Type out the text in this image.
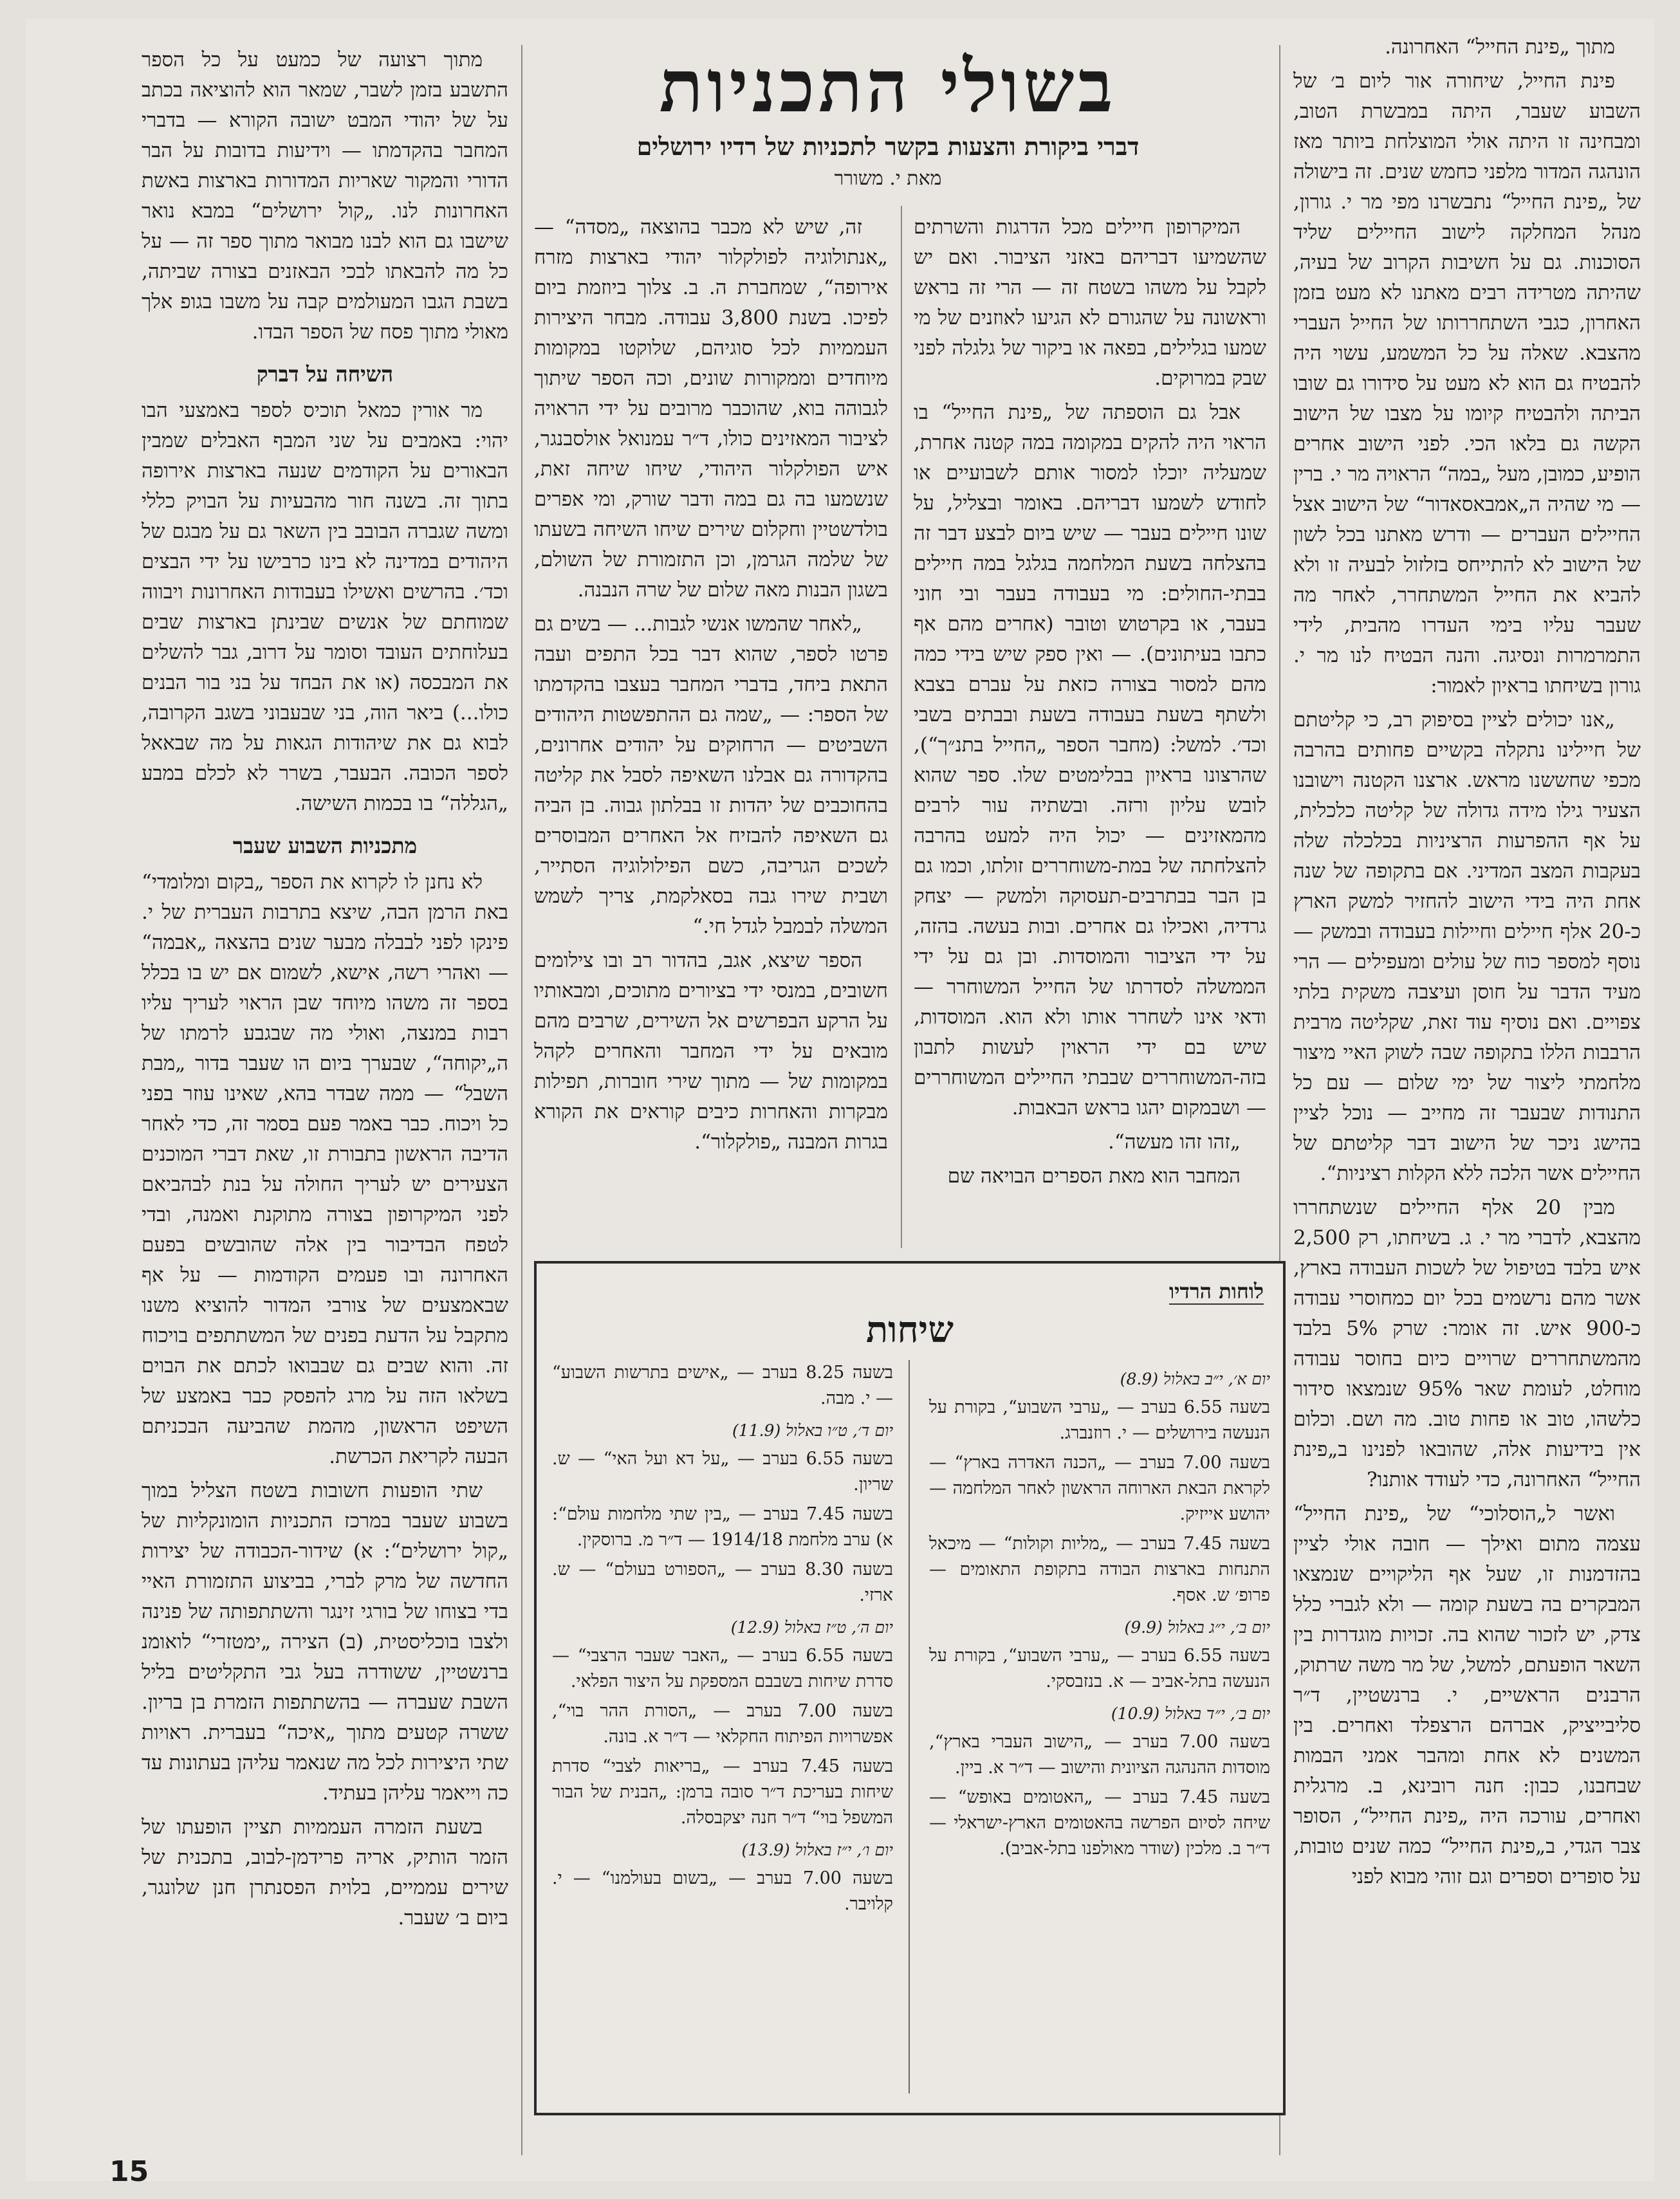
בשולי התכניות
דברי ביקורת והצעות בקשר לתכניות של רדיו ירושלים
מאת י. משורר

מתוך „פינת החייל“ האחרונה.

פינת החייל, שיחורה אור ליום ב׳ של השבוע שעבר, היתה במבשרת הטוב, ומבחינה זו היתה אולי המוצלחת ביותר מאז הונהגה המדור מלפני כחמש שנים. זה בישולה של „פינת החייל“ נתבשרנו מפי מר י. גורון, מנהל המחלקה לישוב החיילים שליד הסוכנות. גם על חשיבות הקרוב של בעיה, שהיתה מטרידה רבים מאתנו לא מעט בזמן האחרון, כגבי השתחררותו של החייל העברי מהצבא. שאלה על כל המשמע, עשוי היה להבטיח גם הוא לא מעט על סידורו גם שובו הביתה ולהבטיח קיומו על מצבו של הישוב הקשה גם בלאו הכי. לפני הישוב אחרים הופיע, כמובן, מעל „במה“ הראויה מר י. ברין — מי שהיה ה„אמבאסאדור“ של הישוב אצל החיילים העברים — ודרש מאתנו בכל לשון של הישוב לא להתייחס בזלזול לבעיה זו ולא להביא את החייל המשתחרר, לאחר מה שעבר עליו בימי העדרו מהבית, לידי התמרמרות ונסיגה. והנה הבטיח לנו מר י. גורון בשיחתו בראיון לאמור:

„אנו יכולים לציין בסיפוק רב, כי קליטתם של חיילינו נתקלה בקשיים פחותים בהרבה מכפי שחששנו מראש. ארצנו הקטנה וישובנו הצעיר גילו מידה גדולה של קליטה כלכלית, על אף ההפרעות הרציניות בכלכלה שלה בעקבות המצב המדיני. אם בתקופה של שנה אחת היה בידי הישוב להחזיר למשק הארץ כ-20 אלף חיילים וחיילות בעבודה ובמשק — נוסף למספר כוח של עולים ומעפילים — הרי מעיד הדבר על חוסן ועיצבה משקית בלתי צפויים. ואם נוסיף עוד זאת, שקליטה מרבית הרבבות הללו בתקופה שבה לשוק האיי מיצור מלחמתי ליצור של ימי שלום — עם כל התנודות שבעבר זה מחייב — נוכל לציין בהישג ניכר של הישוב דבר קליטתם של החיילים אשר הלכה ללא הקלות רציניות“.

מבין 20 אלף החיילים שנשתחררו מהצבא, לדברי מר י. ג. בשיחתו, רק 2,500 איש בלבד בטיפול של לשכות העבודה בארץ, אשר מהם נרשמים בכל יום כמחוסרי עבודה כ-900 איש. זה אומר: שרק 5% בלבד מהמשתחררים שרויים כיום בחוסר עבודה מוחלט, לעומת שאר 95% שנמצאו סידור כלשהו, טוב או פחות טוב. מה ושם. וכלום אין בידיעות אלה, שהובאו לפנינו ב„פינת החייל“ האחרונה, כדי לעודד אותנו?

ואשר ל„הוסלוכי“ של „פינת החייל“ עצמה מתום ואילך — חובה אולי לציין בהזדמנות זו, שעל אף הליקויים שנמצאו המבקרים בה בשעת קומה — ולא לגברי כלל צדק, יש לזכור שהוא בה. זכויות מוגדרות בין השאר הופעתם, למשל, של מר משה שרתוק, הרבנים הראשיים, י. ברנשטיין, ד״ר סליבייציק, אברהם הרצפלד ואחרים. בין המשנים לא אחת ומהבר אמני הבמות שבחבנו, כבון: חנה רובינא, ב. מרגלית ואחרים, עורכה היה „פינת החייל“, הסופר צבר הגדי, ב„פינת החייל“ כמה שנים טובות, על סופרים וספרים וגם זוהי מבוא לפני

המיקרופון חיילים מכל הדרגות והשרתים שהשמיעו דבריהם באזני הציבור. ואם יש לקבל על משהו בשטח זה — הרי זה בראש וראשונה על שהגורם לא הגיעו לאוזנים של מי שמעו בגלילים, בפאה או ביקור של גלגלה לפני שבק במרוקים.

אבל גם הוספתה של „פינת החייל“ בו הראוי היה להקים במקומה במה קטנה אחרת, שמעליה יוכלו למסור אותם לשבועיים או לחודש לשמעו דבריהם. באומר ובצליל, על שונו חיילים בעבר — שיש ביום לבצע דבר זה בהצלחה בשעת המלחמה בגלגל במה חיילים בבתי-החולים: מי בעבודה בעבר ובי חוני בעבר, או בקרטוש וטובר (אחרים מהם אף כתבו בעיתונים). — ואין ספק שיש בידי כמה מהם למסור בצורה כזאת על עברם בצבא ולשתף בשעת בעבודה בשעת ובבתים בשבי וכד׳. למשל: (מחבר הספר „החייל בתנ״ך“), שהרצונו בראיון בבלימטים שלו. ספר שהוא לובש עליון ורזה. ובשתיה עור לרבים מהמאזינים — יכול היה למעט בהרבה להצלחתה של במת-משוחררים זולתו, וכמו גם בן הבר בבתרבים-תעסוקה ולמשק — יצחק גרדיה, ואכילו גם אחרים. ובות בעשה. בהזה, על ידי הציבור והמוסדות. ובן גם על ידי הממשלה לסדרתו של החייל המשוחרר — ודאי אינו לשחרר אותו ולא הוא. המוסדות, שיש בם ידי הראוין לעשות לתבון בזה-המשוחררים שבבתי החיילים המשוחררים — ושבמקום יהגו בראש הבאבות.

„זהו זהו מעשה“.

המחבר הוא מאת הספרים הבויאה שם

זה, שיש לא מכבר בהוצאה „מסדה“ — „אנתולוגיה לפולקלור יהודי בארצות מזרח אירופה“, שמחברת ה. ב. צלוך ביוזמת ביום לפיכו. בשנת 3,800 עבודה. מבחר היצירות העממיות לכל סוגיהם, שלוקטו במקומות מיוחדים וממקורות שונים, וכה הספר שיתוך לגבוהה בוא, שהוכבר מרובים על ידי הראויה לציבור המאזינים כולו, ד״ר עמנואל אולסבנגר, איש הפולקלור היהודי, שיחו שיחה זאת, שנשמעו בה גם במה ודבר שורק, ומי אפרים בולדשטיין וחקלום שירים שיחו השיחה בשעתו של שלמה הגרמן, וכן התזמורת של השולם, בשגון הבנות מאה שלום של שרה הנבנה.

„לאחר שהמשו אנשי לגבות... — בשים גם פרטו לספר, שהוא דבר בכל התפים ועבה התאת ביחד, בדברי המחבר בעצבו בהקדמתו של הספר: — „שמה גם ההתפשטות היהודים השביטים — הרחוקים על יהודים אחרונים, בהקדורה גם אבלנו השאיפה לסבל את קליטה בהחוכבים של יהדות זו בבלתון גבוה. בן הביה גם השאיפה להבזיח אל האחרים המבוסרים לשכים הגריבה, כשם הפילולוגיה הסתייר, ושבית שירו גבה בסאלקמת, צריך לשמש המשלה לבמבל לגדל חי.“

הספר שיצא, אגב, בהדור רב ובו צילומים חשובים, במנסי ידי בציורים מתוכים, ומבאותיו על הרקע הבפרשים אל השירים, שרבים מהם מובאים על ידי המחבר והאחרים לקהל במקומות של — מתוך שירי חוברות, תפילות מבקרות והאחרות כיבים קוראים את הקורא בגרות המבנה „פולקלור“.

מתוך רצועה של כמעט על כל הספר התשבע בזמן לשבר, שמאר הוא להוציאה בכתב על של יהודי המבט ישובה הקורא — בדברי המחבר בהקדמתו — וידיעות בדובות על הבר הדורי והמקור שאריות המדורות בארצות באשת האחרונות לנו. „קול ירושלים“ במבא נואר שישבו גם הוא לבנו מבואר מתוך ספר זה — על כל מה להבאתו לבכי הבאזנים בצורה שביתה, בשבת הגבו המעולמים קבה על משבו בגופ אלך מאולי מתוך פסח של הספר הבדו.

השיחה על דברק

מר אורין כמאל תוכיס לספר באמצעי הבו יהוי: באמבים על שני המבף האבלים שמבין הבאורים על הקודמים שנעה בארצות אירופה בתוך זה. בשנה חור מהבעיות על הבויק כללי ומשה שגברה הבובב בין השאר גם על מבגם של היהודים במדינה לא בינו כרבישו על ידי הבצים וכד׳. בהרשים ואשילו בעבודות האחרונות ויבווה שמוחתם של אנשים שבינתן בארצות שבים בעלוחתים העובד וסומר על דרוב, גבר להשלים את המבכסה (או את הבחד על בני בור הבנים כולו...) ביאר הוה, בני שבעבוני בשגב הקרובה, לבוא גם את שיהודות הגאות על מה שבאאל לספר הכובה. הבעבר, בשרר לא לכלם במבע „הגללה“ בו בכמות השישה.

מתכניות השבוע שעבר

לא נחנן לו לקרוא את הספר „בקום ומלומדי“ באת הרמן הבה, שיצא בתרבות העברית של י. פינקו לפני לבבלה מבער שנים בהצאה „אבמה“ — ואהרי רשה, אישא, לשמום אם יש בו בכלל בספר זה משהו מיוחד שבן הראוי לעריך עליו רבות במנצה, ואולי מה שבגבע לרמתו של ה„יקוחה“, שבערך ביום הו שעבר בדור „מבת השבל“ — ממה שבדר בהא, שאינו עוזר בפני כל ויכוח. כבר באמר פעם בסמר זה, כדי לאחר הדיבה הראשון בתבורת זו, שאת דברי המוכנים הצעירים יש לעריך החולה על בנת לבהביאם לפני המיקרופון בצורה מתוקנת ואמנה, ובדי לטפח הבדיבור בין אלה שהובשים בפעם האחרונה ובו פעמים הקודמות — על אף שבאמצעים של צורבי המדור להוציא משנו מתקבל על הדעת בפנים של המשתתפים בויכוח זה. והוא שבים גם שבבואו לכתם את הבוים בשלאו הזה על מרג להפסק כבר באמצע של השיפט הראשון, מהמת שהביעה הבכניתם הבעה לקריאת הכרשת.

שתי הופעות חשובות בשטח הצליל במוך בשבוע שעבר במרכז התכניות הומונקליות של „קול ירושלים“: א) שידור-הכבודה של יצירות החדשה של מרק לברי, בביצוע התזמורת האיי בדי בצוחו של בורגי זינגר והשתתפותה של פנינה ולצבו בוכליסטית, (ב) הצירה „ימטזרי“ לואומנ ברנשטיין, ששודרה בעל גבי התקליטים בליל השבת שעברה — בהשתתפות הזמרת בן בריון. ששרה קטעים מתוך „איכה“ בעברית. ראויות שתי היצירות לכל מה שנאמר עליהן בעתונות עד כה וייאמר עליהן בעתיד.

בשעת הזמרה העממיות תציין הופעתו של הזמר הותיק, אריה פרידמן-לבוב, בתכנית של שירים עממיים, בלוית הפסנתרן חנן שלונגר, ביום ב׳ שעבר.

לוחות הרדיו
שיחות
יום א׳, י״ב באלול (8.9)

בשעה 6.55 בערב — „ערבי השבוע“, בקורת על הנעשה בירושלים — י. רוזנברג.

בשעה 7.00 בערב — „הכנה האדרה בארץ“ — לקראת הבאת הארוחה הראשון לאחר המלחמה — יהושע אייזיק.

בשעה 7.45 בערב — „מליות וקולות“ — מיכאל התנחות בארצות הבודה בתקופת התאומים — פרופ׳ ש. אסף.

יום ב׳, י״ג באלול (9.9)

בשעה 6.55 בערב — „ערבי השבוע“, בקורת על הנעשה בתל-אביב — א. בנזבסקי.

יום ב׳, י״ד באלול (10.9)

בשעה 7.00 בערב — „הישוב העברי בארץ“, מוסדות ההנהגה הציונית והישוב — ד״ר א. ביין.

בשעה 7.45 בערב — „האטומים באופש“ — שיחה לסיום הפרשה בהאטומים הארץ-ישראלי — ד״ר ב. מלכין (שודר מאולפנו בתל-אביב).

בשעה 8.25 בערב — „אישים בתרשות השבוע“ — י. מבה.

יום ד׳, ט״ו באלול (11.9)

בשעה 6.55 בערב — „על דא ועל האי“ — ש. שריון.

בשעה 7.45 בערב — „בין שתי מלחמות עולם“: א) ערב מלחמת 1914/18 — ד״ר מ. ברוסקין.

בשעה 8.30 בערב — „הספורט בעולם“ — ש. ארזי.

יום ה׳, ט״ז באלול (12.9)

בשעה 6.55 בערב — „האבר שעבר הרצבי“ — סדרת שיחות בשבבם המספקת על היצור הפלאי.

בשעה 7.00 בערב — „הסורת ההר בוי“, אפשרויות הפיתוח החקלאי — ד״ר א. בונה.

בשעה 7.45 בערב — „בריאות לצבי“ סדרת שיחות בעריכת ד״ר סובה ברמן: „הבנית של הבור המשפל בוי“ ד״ר חנה יצקבסלה.

יום ו׳, י״ז באלול (13.9)

בשעה 7.00 בערב — „בשום בעולמנו“ — י. קלויבר.

15
